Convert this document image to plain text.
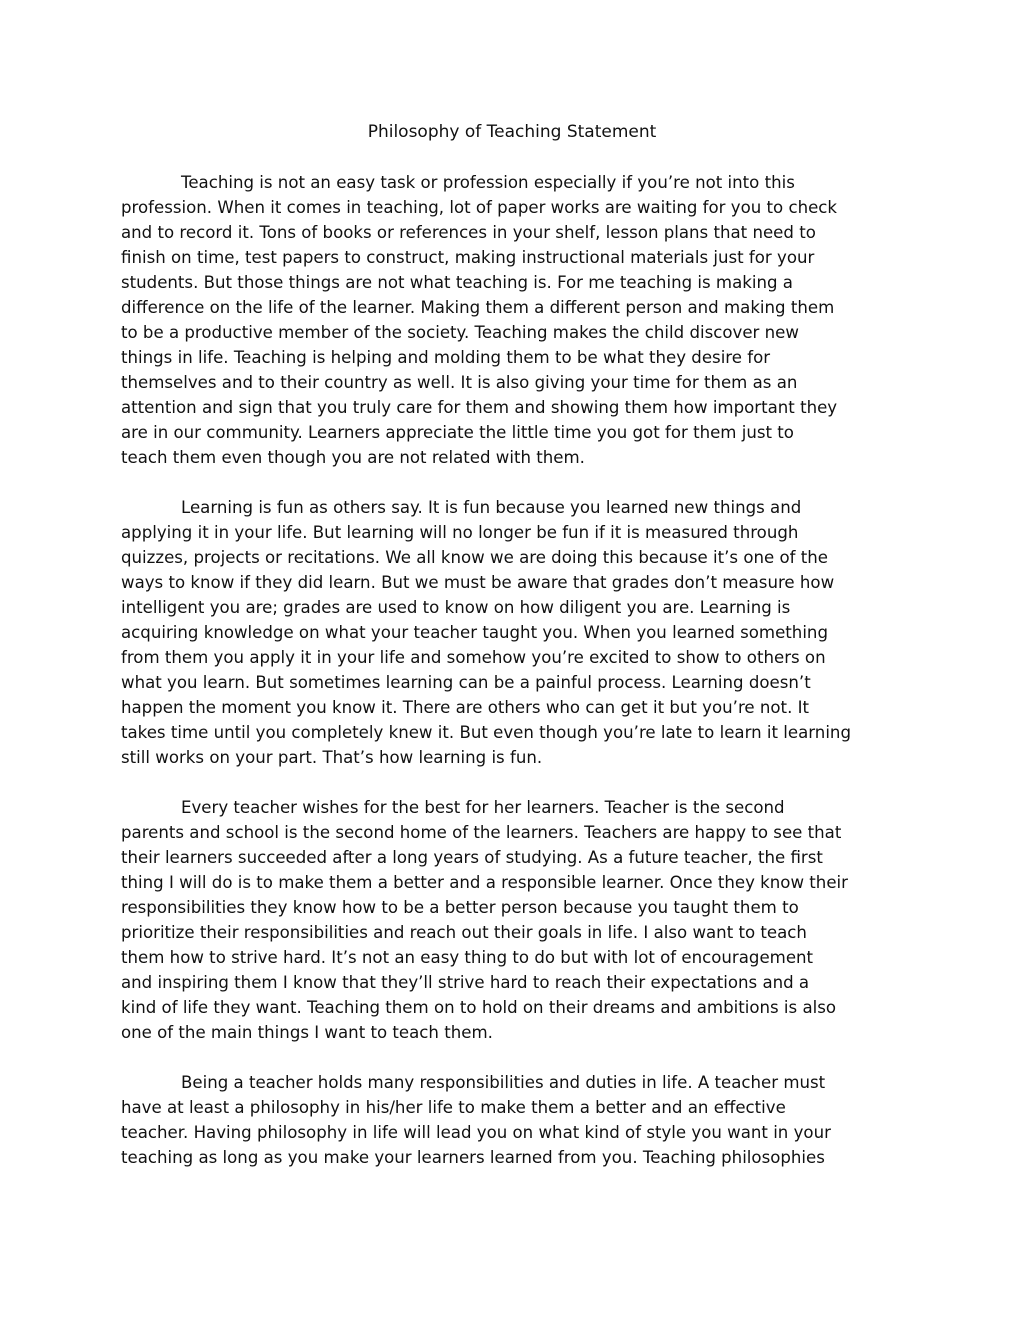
Philosophy of Teaching Statement

Teaching is not an easy task or profession especially if you’re not into this
profession. When it comes in teaching, lot of paper works are waiting for you to check
and to record it. Tons of books or references in your shelf, lesson plans that need to
finish on time, test papers to construct, making instructional materials just for your
students. But those things are not what teaching is. For me teaching is making a
difference on the life of the learner. Making them a different person and making them
to be a productive member of the society. Teaching makes the child discover new
things in life. Teaching is helping and molding them to be what they desire for
themselves and to their country as well. It is also giving your time for them as an
attention and sign that you truly care for them and showing them how important they
are in our community. Learners appreciate the little time you got for them just to
teach them even though you are not related with them.

Learning is fun as others say. It is fun because you learned new things and
applying it in your life. But learning will no longer be fun if it is measured through
quizzes, projects or recitations. We all know we are doing this because it’s one of the
ways to know if they did learn. But we must be aware that grades don’t measure how
intelligent you are; grades are used to know on how diligent you are. Learning is
acquiring knowledge on what your teacher taught you. When you learned something
from them you apply it in your life and somehow you’re excited to show to others on
what you learn. But sometimes learning can be a painful process. Learning doesn’t
happen the moment you know it. There are others who can get it but you’re not. It
takes time until you completely knew it. But even though you’re late to learn it learning
still works on your part. That’s how learning is fun.

Every teacher wishes for the best for her learners. Teacher is the second
parents and school is the second home of the learners. Teachers are happy to see that
their learners succeeded after a long years of studying. As a future teacher, the first
thing I will do is to make them a better and a responsible learner. Once they know their
responsibilities they know how to be a better person because you taught them to
prioritize their responsibilities and reach out their goals in life. I also want to teach
them how to strive hard. It’s not an easy thing to do but with lot of encouragement
and inspiring them I know that they’ll strive hard to reach their expectations and a
kind of life they want. Teaching them on to hold on their dreams and ambitions is also
one of the main things I want to teach them.

Being a teacher holds many responsibilities and duties in life. A teacher must
have at least a philosophy in his/her life to make them a better and an effective
teacher. Having philosophy in life will lead you on what kind of style you want in your
teaching as long as you make your learners learned from you. Teaching philosophies
